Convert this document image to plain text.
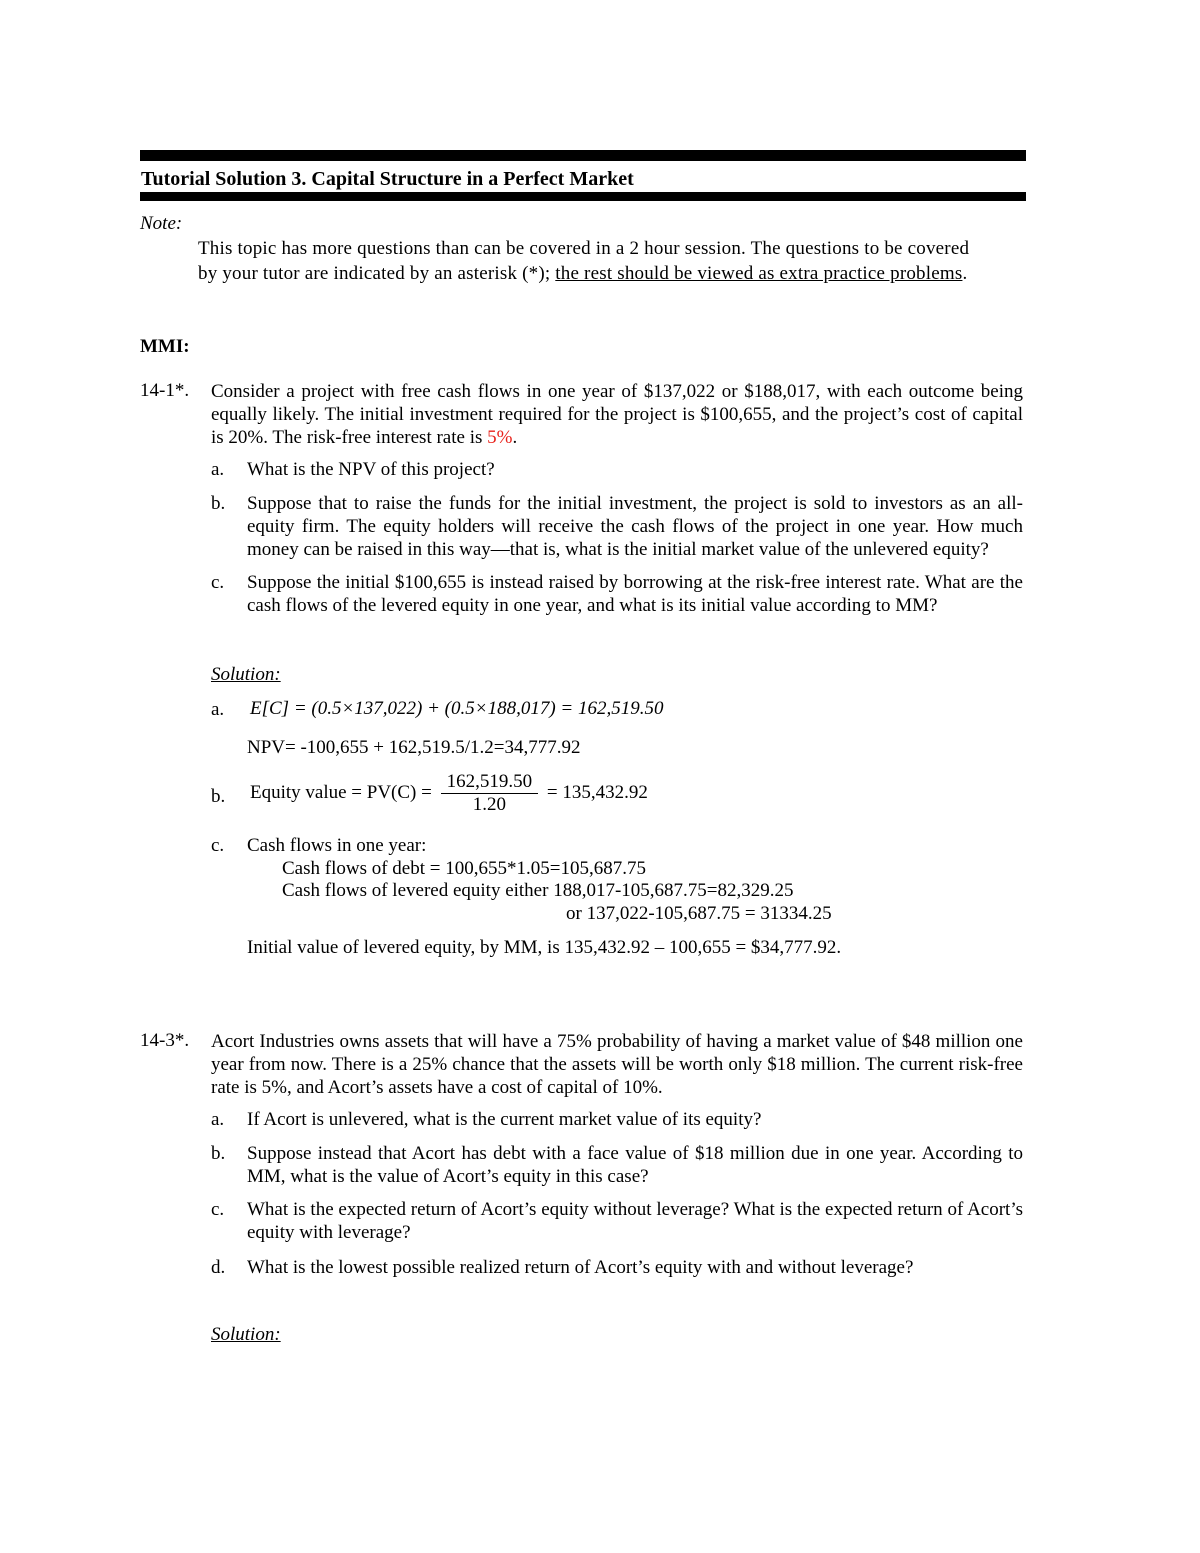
Tutorial Solution 3. Capital Structure in a Perfect Market
Note:
This topic has more questions than can be covered in a 2 hour session. The questions to be covered by your tutor are indicated by an asterisk (*); the rest should be viewed as extra practice problems.
MMI:
14-1*. Consider a project with free cash flows in one year of $137,022 or $188,017, with each outcome being equally likely. The initial investment required for the project is $100,655, and the project’s cost of capital is 20%. The risk-free interest rate is 5%.
a. What is the NPV of this project?
b. Suppose that to raise the funds for the initial investment, the project is sold to investors as an all-equity firm. The equity holders will receive the cash flows of the project in one year. How much money can be raised in this way—that is, what is the initial market value of the unlevered equity?
c. Suppose the initial $100,655 is instead raised by borrowing at the risk-free interest rate. What are the cash flows of the levered equity in one year, and what is its initial value according to MM?
Solution:
a. E[C] = (0.5×137,022) + (0.5×188,017) = 162,519.50
NPV= -100,655 + 162,519.5/1.2=34,777.92
b. Equity value = $PV(C) = \frac{162,519.50}{1.20} = 135,432.92$
c. Cash flows in one year:
Cash flows of debt = 100,655*1.05=105,687.75
Cash flows of levered equity either 188,017-105,687.75=82,329.25
or 137,022-105,687.75 = 31334.25
Initial value of levered equity, by MM, is 135,432.92 – 100,655 = $34,777.92.
14-3*. Acort Industries owns assets that will have a 75% probability of having a market value of $48 million one year from now. There is a 25% chance that the assets will be worth only $18 million. The current risk-free rate is 5%, and Acort’s assets have a cost of capital of 10%.
a. If Acort is unlevered, what is the current market value of its equity?
b. Suppose instead that Acort has debt with a face value of $18 million due in one year. According to MM, what is the value of Acort’s equity in this case?
c. What is the expected return of Acort’s equity without leverage? What is the expected return of Acort’s equity with leverage?
d. What is the lowest possible realized return of Acort’s equity with and without leverage?
Solution:
